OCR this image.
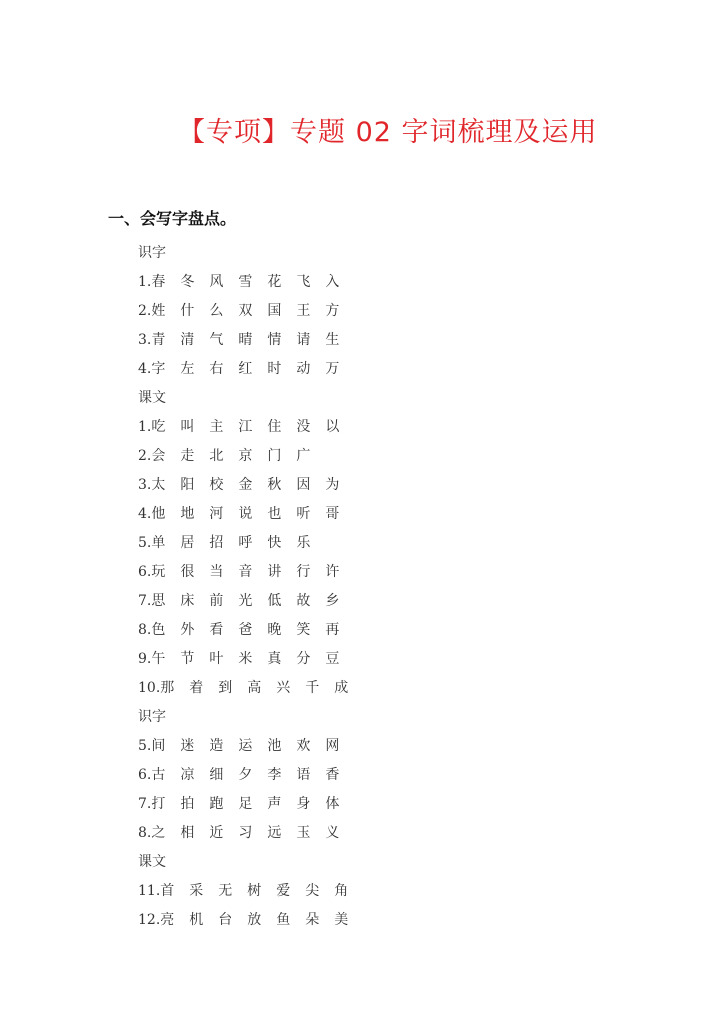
【专项】专题 02 字词梳理及运用
一、会写字盘点。
识字
1.春 冬 风 雪 花 飞 入
2.姓 什 么 双 国 王 方
3.青 清 气 晴 情 请 生
4.字 左 右 红 时 动 万
课文
1.吃 叫 主 江 住 没 以
2.会 走 北 京 门 广
3.太 阳 校 金 秋 因 为
4.他 地 河 说 也 听 哥
5.单 居 招 呼 快 乐
6.玩 很 当 音 讲 行 许
7.思 床 前 光 低 故 乡
8.色 外 看 爸 晚 笑 再
9.午 节 叶 米 真 分 豆
10.那 着 到 高 兴 千 成
识字
5.间 迷 造 运 池 欢 网
6.古 凉 细 夕 李 语 香
7.打 拍 跑 足 声 身 体
8.之 相 近 习 远 玉 义
课文
11.首 采 无 树 爱 尖 角
12.亮 机 台 放 鱼 朵 美
